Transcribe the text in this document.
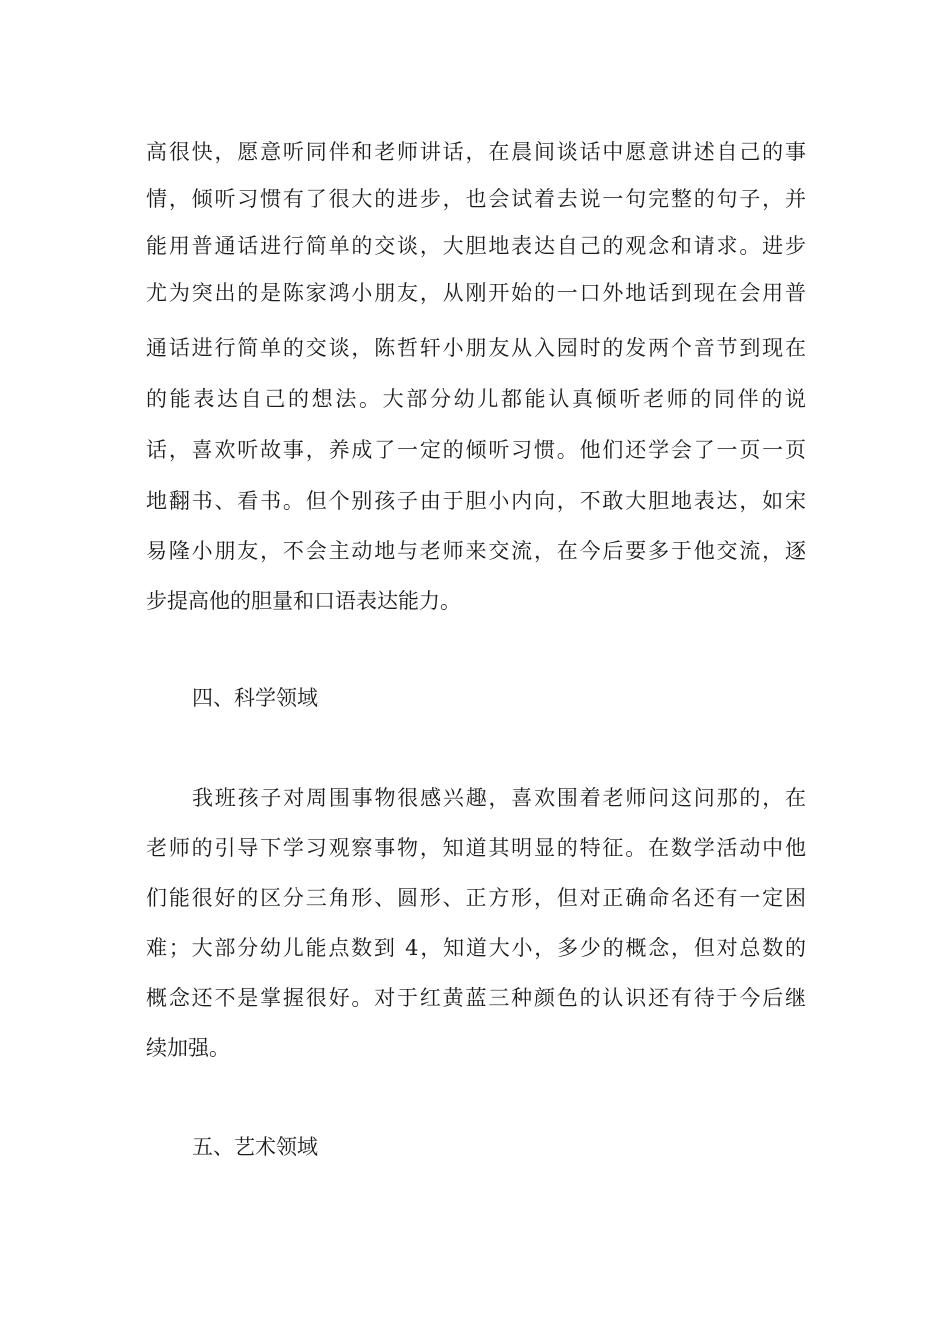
高很快，愿意听同伴和老师讲话，在晨间谈话中愿意讲述自己的事
情，倾听习惯有了很大的进步，也会试着去说一句完整的句子，并
能用普通话进行简单的交谈，大胆地表达自己的观念和请求。进步
尤为突出的是陈家鸿小朋友，从刚开始的一口外地话到现在会用普
通话进行简单的交谈，陈哲轩小朋友从入园时的发两个音节到现在
的能表达自己的想法。大部分幼儿都能认真倾听老师的同伴的说
话，喜欢听故事，养成了一定的倾听习惯。他们还学会了一页一页
地翻书、看书。但个别孩子由于胆小内向，不敢大胆地表达，如宋
易隆小朋友，不会主动地与老师来交流，在今后要多于他交流，逐
步提高他的胆量和口语表达能力。
四、科学领域
我班孩子对周围事物很感兴趣，喜欢围着老师问这问那的，在
老师的引导下学习观察事物，知道其明显的特征。在数学活动中他
们能很好的区分三角形、圆形、正方形，但对正确命名还有一定困
难；大部分幼儿能点数到 4，知道大小，多少的概念，但对总数的
概念还不是掌握很好。对于红黄蓝三种颜色的认识还有待于今后继
续加强。
五、艺术领域
